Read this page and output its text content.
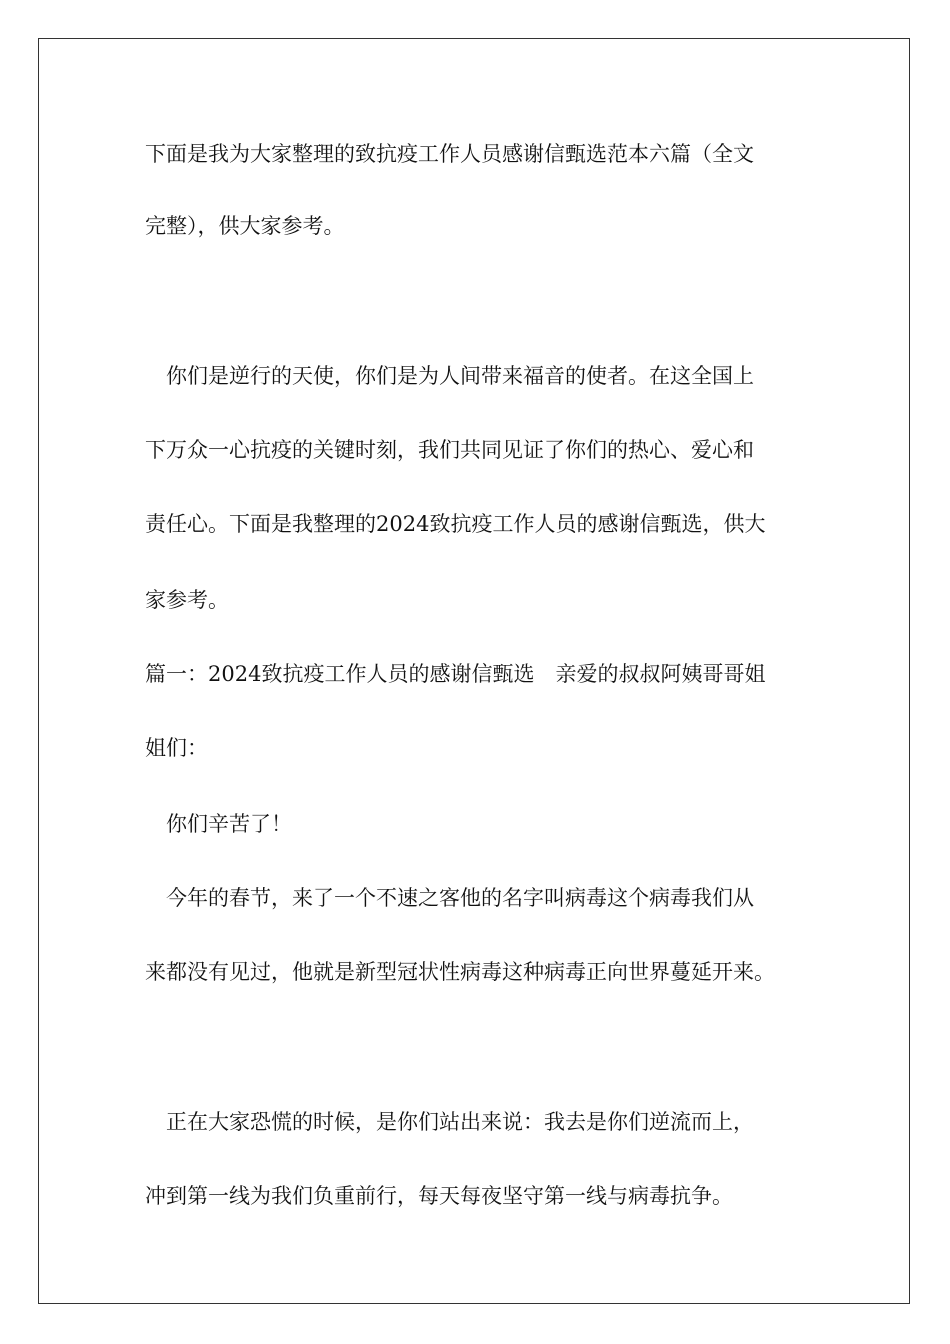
下面是我为大家整理的致抗疫工作人员感谢信甄选范本六篇（全文
完整），供大家参考。
你们是逆行的天使，你们是为人间带来福音的使者。在这全国上
下万众一心抗疫的关键时刻，我们共同见证了你们的热心、爱心和
责任心。下面是我整理的2024致抗疫工作人员的感谢信甄选，供大
家参考。
篇一：2024致抗疫工作人员的感谢信甄选　亲爱的叔叔阿姨哥哥姐
姐们：
你们辛苦了！
今年的春节，来了一个不速之客他的名字叫病毒这个病毒我们从
来都没有见过，他就是新型冠状性病毒这种病毒正向世界蔓延开来。
正在大家恐慌的时候，是你们站出来说：我去是你们逆流而上，
冲到第一线为我们负重前行，每天每夜坚守第一线与病毒抗争。
